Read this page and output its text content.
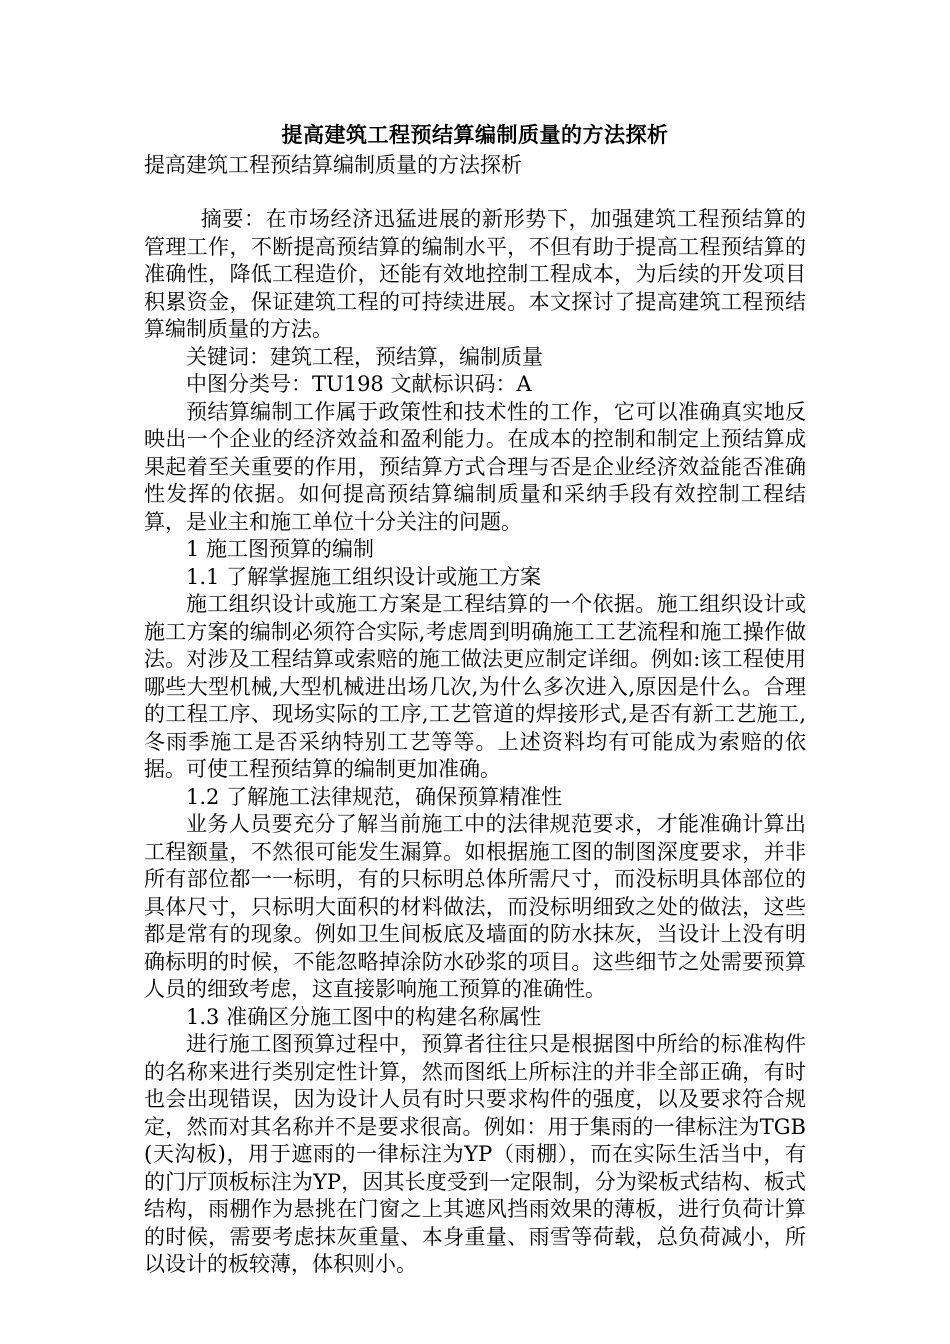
提高建筑工程预结算编制质量的方法探析

提高建筑工程预结算编制质量的方法探析

摘要：在市场经济迅猛进展的新形势下，加强建筑工程预结算的管理工作，不断提高预结算的编制水平，不但有助于提高工程预结算的准确性，降低工程造价，还能有效地控制工程成本，为后续的开发项目积累资金，保证建筑工程的可持续进展。本文探讨了提高建筑工程预结算编制质量的方法。

关键词：建筑工程，预结算，编制质量

中图分类号：TU198 文献标识码：A

预结算编制工作属于政策性和技术性的工作，它可以准确真实地反映出一个企业的经济效益和盈利能力。在成本的控制和制定上预结算成果起着至关重要的作用，预结算方式合理与否是企业经济效益能否准确性发挥的依据。如何提高预结算编制质量和采纳手段有效控制工程结算，是业主和施工单位十分关注的问题。

1 施工图预算的编制

1.1 了解掌握施工组织设计或施工方案

施工组织设计或施工方案是工程结算的一个依据。施工组织设计或施工方案的编制必须符合实际,考虑周到明确施工工艺流程和施工操作做法。对涉及工程结算或索赔的施工做法更应制定详细。例如:该工程使用哪些大型机械,大型机械进出场几次,为什么多次进入,原因是什么。合理的工程工序、现场实际的工序,工艺管道的焊接形式,是否有新工艺施工,冬雨季施工是否采纳特别工艺等等。上述资料均有可能成为索赔的依据。可使工程预结算的编制更加准确。

1.2 了解施工法律规范，确保预算精准性

业务人员要充分了解当前施工中的法律规范要求，才能准确计算出工程额量，不然很可能发生漏算。如根据施工图的制图深度要求，并非所有部位都一一标明，有的只标明总体所需尺寸，而没标明具体部位的具体尺寸，只标明大面积的材料做法，而没标明细致之处的做法，这些都是常有的现象。例如卫生间板底及墙面的防水抹灰，当设计上没有明确标明的时候，不能忽略掉涂防水砂浆的项目。这些细节之处需要预算人员的细致考虑，这直接影响施工预算的准确性。

1.3 准确区分施工图中的构建名称属性

进行施工图预算过程中，预算者往往只是根据图中所给的标准构件的名称来进行类别定性计算，然而图纸上所标注的并非全部正确，有时也会出现错误，因为设计人员有时只要求构件的强度，以及要求符合规定，然而对其名称并不是要求很高。例如：用于集雨的一律标注为TGB(天沟板)，用于遮雨的一律标注为YP（雨棚），而在实际生活当中，有的门厅顶板标注为YP，因其长度受到一定限制，分为梁板式结构、板式结构，雨棚作为悬挑在门窗之上其遮风挡雨效果的薄板，进行负荷计算的时候，需要考虑抹灰重量、本身重量、雨雪等荷载，总负荷减小，所以设计的板较薄，体积则小。
